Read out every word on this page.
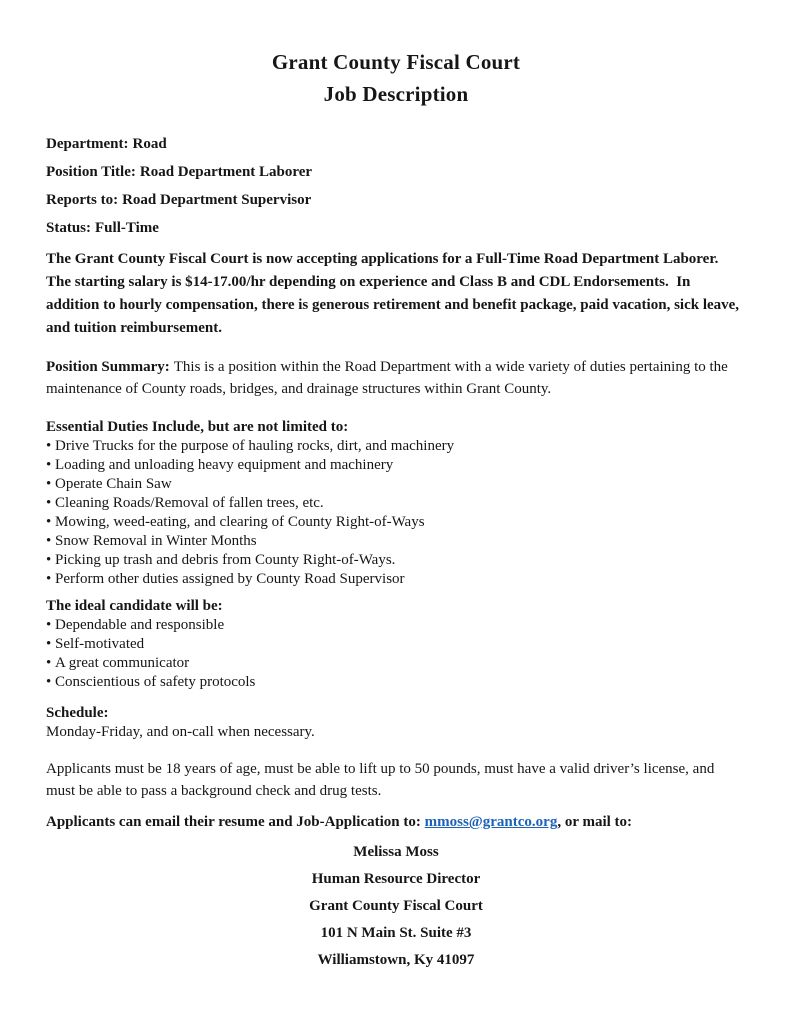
Grant County Fiscal Court
Job Description

Department: Road

Position Title: Road Department Laborer

Reports to: Road Department Supervisor

Status: Full-Time

The Grant County Fiscal Court is now accepting applications for a Full-Time Road Department Laborer. The starting salary is $14-17.00/hr depending on experience and Class B and CDL Endorsements.  In addition to hourly compensation, there is generous retirement and benefit package, paid vacation, sick leave, and tuition reimbursement.

Position Summary: This is a position within the Road Department with a wide variety of duties pertaining to the maintenance of County roads, bridges, and drainage structures within Grant County.

Essential Duties Include, but are not limited to:

• Drive Trucks for the purpose of hauling rocks, dirt, and machinery
• Loading and unloading heavy equipment and machinery
• Operate Chain Saw
• Cleaning Roads/Removal of fallen trees, etc.
• Mowing, weed-eating, and clearing of County Right-of-Ways
• Snow Removal in Winter Months
• Picking up trash and debris from County Right-of-Ways.
• Perform other duties assigned by County Road Supervisor

The ideal candidate will be:

• Dependable and responsible
• Self-motivated
• A great communicator
• Conscientious of safety protocols

Schedule:

Monday-Friday, and on-call when necessary.

Applicants must be 18 years of age, must be able to lift up to 50 pounds, must have a valid driver’s license, and must be able to pass a background check and drug tests.

Applicants can email their resume and Job-Application to: mmoss@grantco.org, or mail to:

Melissa Moss

Human Resource Director

Grant County Fiscal Court

101 N Main St. Suite #3

Williamstown, Ky 41097
